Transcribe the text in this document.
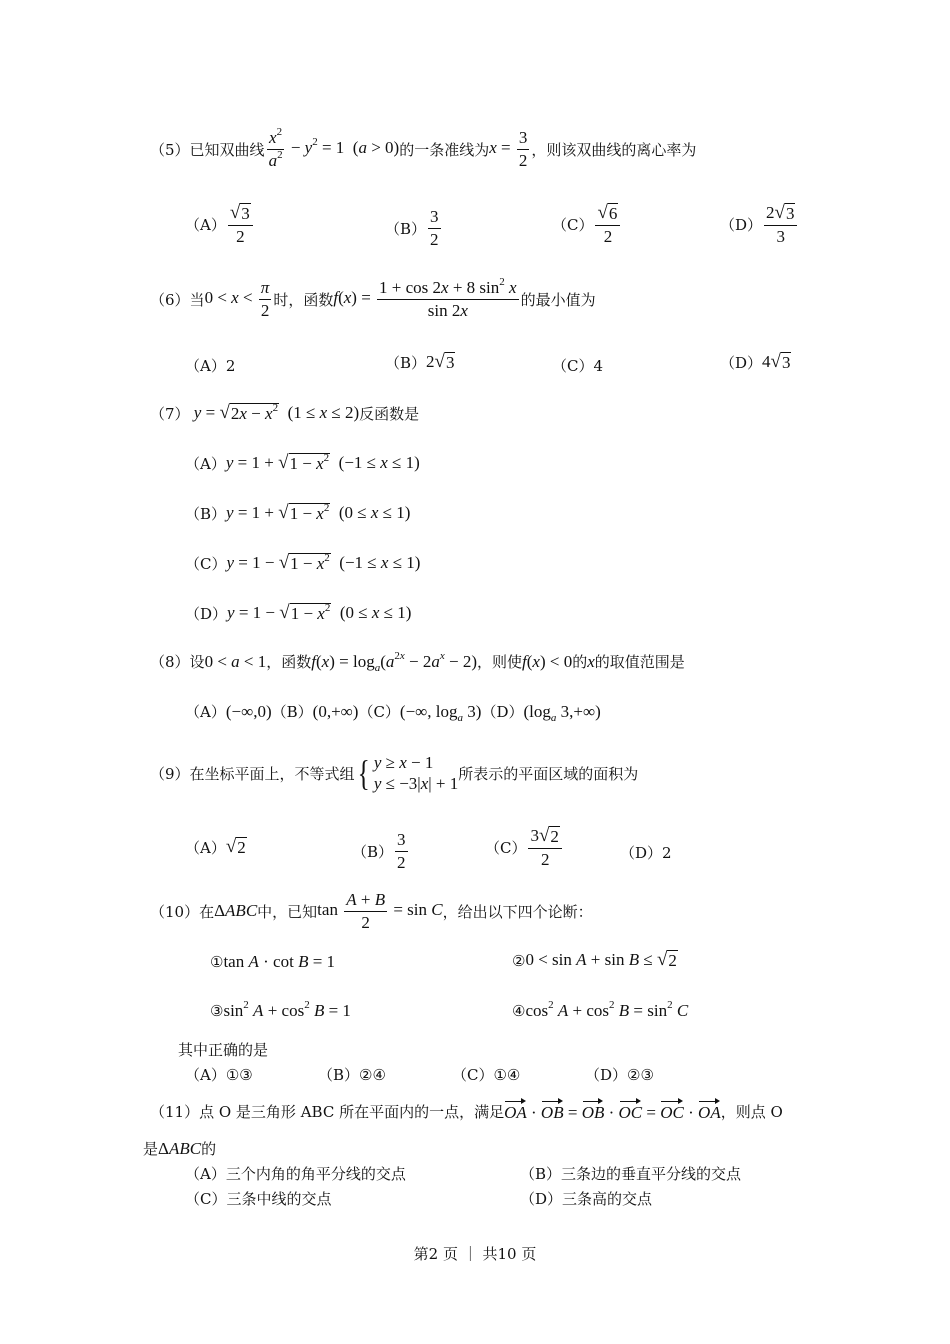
（5） 已知双曲线 $\frac{x^2}{a^2} - y^2 = 1$  (a > 0) 的一条准线为 $x = \frac{3}{2}$ ，则该双曲线的离心率为
$(A) \frac{√ 3}{2}$	$(B) \frac{3}{2}$	$(C) \frac{√ 6}{2}$	$(D) \frac{2 √ 3}{3}$
（6） 当 $0 < x < \frac{\pi}{2}$ 时，函数 $f(x) = \frac{1 + \cos 2x + 8 \sin^2 x}{\sin 2x}$ 的最小值为
（A） 2	（B） 2 √ 3	（C） 4	（D） 4 √ 3
（7） y = √ $2x - x^2$ (1 ≤ x ≤ 2) 反函数是
（A） y = 1 + √ $1 - x^2$ (−1 ≤ x ≤ 1)
（B） y = 1 + √ $1 - x^2$ (0 ≤ x ≤ 1)
（C） y = 1 − √ $1 - x^2$ (−1 ≤ x ≤ 1)
（D） y = 1 − √ $1 - x^2$ (0 ≤ x ≤ 1)
（8） 设 0 < a < 1 ，函数 $f(x) = \log_a(a^{2x} - 2a^x - 2)$ ，则使 f(x) < 0 的 x 的取值范围是
（A） (−∞,0) （B） (0,+∞) （C） (−∞, $\log_a 3$) （D） ($\log_a$ 3,+∞)
（9） 在坐标平面上，不等式组 { y ≥ x − 1
y ≤ −3|x| + 1
所表示的平面区域的面积为
（A） √ 2	$(B) \frac{3}{2}$	$(C) \frac{3 √ 2}{2}$	（D） 2
（10） 在 ΔABC 中，已知 $\tan \frac{A + B}{2} = \sin C$ ，给出以下四个论断：
① tan A · cot B = 1	② 0 < sin A + sin B ≤ √ 2
③ $\sin^2 A + \cos^2 B = 1$	④ $\cos^2 A + \cos^2 B = \sin^2 C$
其中正确的是
（A） ①③	（B） ②④	（C） ①④	（D） ②③
（11） 点 O 是三角形 ABC 所在平面内的一点，满足 OA · OB = OB · OC = OC · OA ，则点 O
是 ΔABC 的
（A） 三个内角的角平分线的交点	（B） 三条边的垂直平分线的交点
（C） 三条中线的交点	（D） 三条高的交点
第2 页 ｜ 共10 页
